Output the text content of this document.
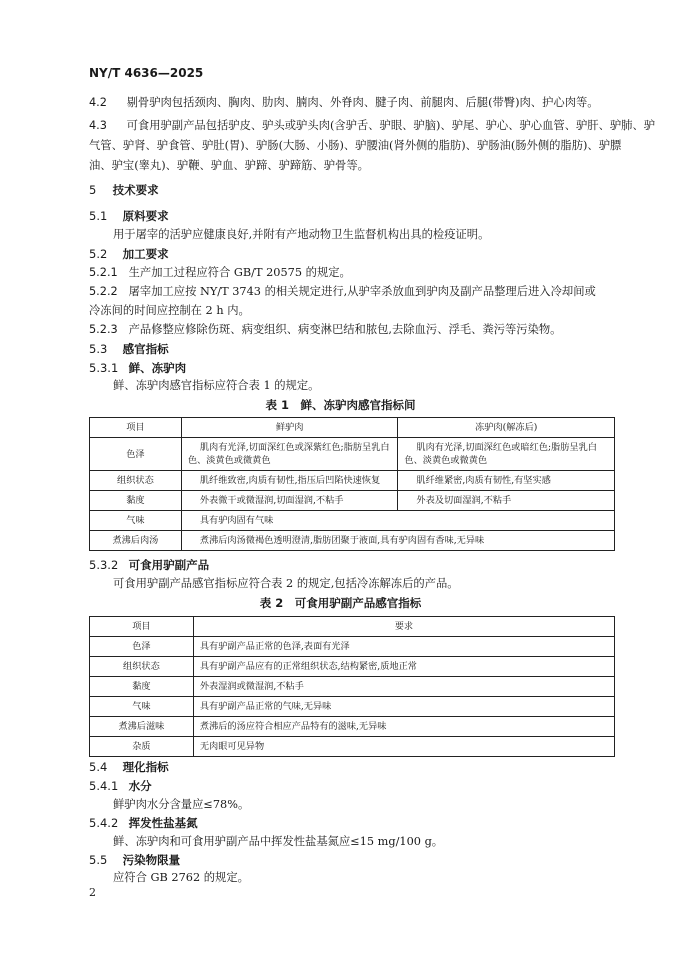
NY/T 4636—2025
4.2 剔骨驴肉包括颈肉、胸肉、肋肉、腩肉、外脊肉、腱子肉、前腿肉、后腿(带臀)肉、护心肉等。
4.3 可食用驴副产品包括驴皮、驴头或驴头肉(含驴舌、驴眼、驴脑)、驴尾、驴心、驴心血管、驴肝、驴肺、驴
气管、驴肾、驴食管、驴肚(胃)、驴肠(大肠、小肠)、驴腰油(肾外侧的脂肪)、驴肠油(肠外侧的脂肪)、驴膘
油、驴宝(睾丸)、驴鞭、驴血、驴蹄、驴蹄筋、驴骨等。
5 技术要求
5.1 原料要求
用于屠宰的活驴应健康良好,并附有产地动物卫生监督机构出具的检疫证明。
5.2 加工要求
5.2.1 生产加工过程应符合 GB/T 20575 的规定。
5.2.2 屠宰加工应按 NY/T 3743 的相关规定进行,从驴宰杀放血到驴肉及副产品整理后进入冷却间或
冷冻间的时间应控制在 2 h 内。
5.2.3 产品修整应修除伤斑、病变组织、病变淋巴结和脓包,去除血污、浮毛、粪污等污染物。
5.3 感官指标
5.3.1 鲜、冻驴肉
鲜、冻驴肉感官指标应符合表 1 的规定。
表 1　鲜、冻驴肉感官指标间
项目	鲜驴肉	冻驴肉(解冻后)
色泽	肌肉有光泽,切面深红色或深紫红色;脂肪呈乳白色、淡黄色或微黄色	肌肉有光泽,切面深红色或暗红色;脂肪呈乳白色、淡黄色或微黄色
组织状态	肌纤维致密,肉质有韧性,指压后凹陷快速恢复	肌纤维紧密,肉质有韧性,有坚实感
黏度	外表微干或微湿润,切面湿润,不粘手	外表及切面湿润,不粘手
气味	具有驴肉固有气味	
煮沸后肉汤	煮沸后肉汤微褐色透明澄清,脂肪团聚于液面,具有驴肉固有香味,无异味	
5.3.2 可食用驴副产品
可食用驴副产品感官指标应符合表 2 的规定,包括冷冻解冻后的产品。
表 2　可食用驴副产品感官指标
项目	要求
色泽	具有驴副产品正常的色泽,表面有光泽
组织状态	具有驴副产品应有的正常组织状态,结构紧密,质地正常
黏度	外表湿润或微湿润,不粘手
气味	具有驴副产品正常的气味,无异味
煮沸后滋味	煮沸后的汤应符合相应产品特有的滋味,无异味
杂质	无肉眼可见异物
5.4 理化指标
5.4.1 水分
鲜驴肉水分含量应≤78%。
5.4.2 挥发性盐基氮
鲜、冻驴肉和可食用驴副产品中挥发性盐基氮应≤15 mg/100 g。
5.5 污染物限量
应符合 GB 2762 的规定。
2
